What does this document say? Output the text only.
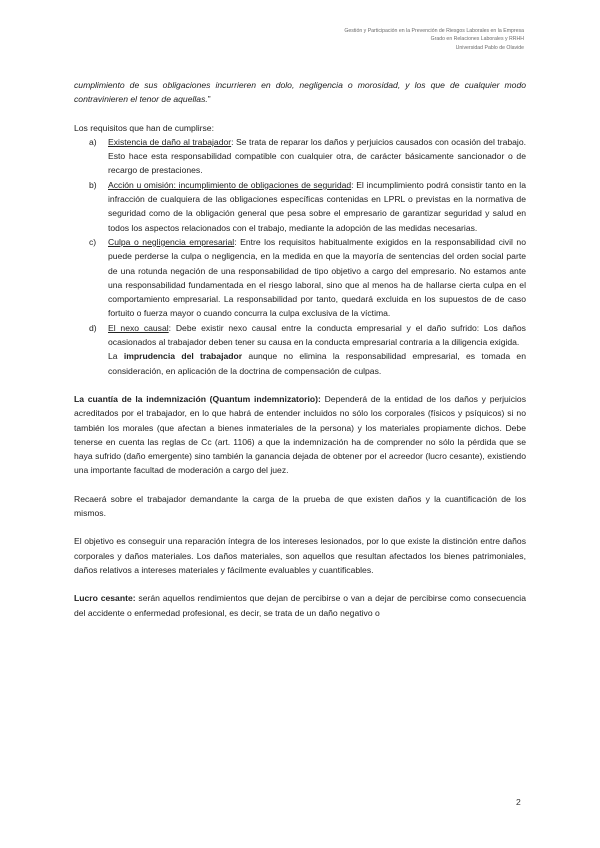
Gestión y Participación en la Prevención de Riesgos Laborales en la Empresa
Grado en Relaciones Laborales y RRHH
Universidad Pablo de Olavide

cumplimiento de sus obligaciones incurrieren en dolo, negligencia o morosidad, y los que de cualquier modo contravinieren el tenor de aquellas.”

Los requisitos que han de cumplirse:

a) Existencia de daño al trabajador: Se trata de reparar los daños y perjuicios causados con ocasión del trabajo. Esto hace esta responsabilidad compatible con cualquier otra, de carácter básicamente sancionador o de recargo de prestaciones.
b) Acción u omisión: incumplimiento de obligaciones de seguridad: El incumplimiento podrá consistir tanto en la infracción de cualquiera de las obligaciones específicas contenidas en LPRL o previstas en la normativa de seguridad como de la obligación general que pesa sobre el empresario de garantizar seguridad y salud en todos los aspectos relacionados con el trabajo, mediante la adopción de las medidas necesarias.
c) Culpa o negligencia empresarial: Entre los requisitos habitualmente exigidos en la responsabilidad civil no puede perderse la culpa o negligencia, en la medida en que la mayoría de sentencias del orden social parte de una rotunda negación de una responsabilidad de tipo objetivo a cargo del empresario. No estamos ante una responsabilidad fundamentada en el riesgo laboral, sino que al menos ha de hallarse cierta culpa en el comportamiento empresarial. La responsabilidad por tanto, quedará excluida en los supuestos de de caso fortuito o fuerza mayor o cuando concurra la culpa exclusiva de la víctima.
d) El nexo causal: Debe existir nexo causal entre la conducta empresarial y el daño sufrido: Los daños ocasionados al trabajador deben tener su causa en la conducta empresarial contraria a la diligencia exigida.

La imprudencia del trabajador aunque no elimina la responsabilidad empresarial, es tomada en consideración, en aplicación de la doctrina de compensación de culpas.

La cuantía de la indemnización (Quantum indemnizatorio): Dependerá de la entidad de los daños y perjuicios acreditados por el trabajador, en lo que habrá de entender incluidos no sólo los corporales (físicos y psíquicos) si no también los morales (que afectan a bienes inmateriales de la persona) y los materiales propiamente dichos. Debe tenerse en cuenta las reglas de Cc (art. 1106) a que la indemnización ha de comprender no sólo la pérdida que se haya sufrido (daño emergente) sino también la ganancia dejada de obtener por el acreedor (lucro cesante), existiendo una importante facultad de moderación a cargo del juez.

Recaerá sobre el trabajador demandante la carga de la prueba de que existen daños y la cuantificación de los mismos.

El objetivo es conseguir una reparación íntegra de los intereses lesionados, por lo que existe la distinción entre daños corporales y daños materiales. Los daños materiales, son aquellos que resultan afectados los bienes patrimoniales, daños relativos a intereses materiales y fácilmente evaluables y cuantificables.

Lucro cesante: serán aquellos rendimientos que dejan de percibirse o van a dejar de percibirse como consecuencia del accidente o enfermedad profesional, es decir, se trata de un daño negativo o

2
